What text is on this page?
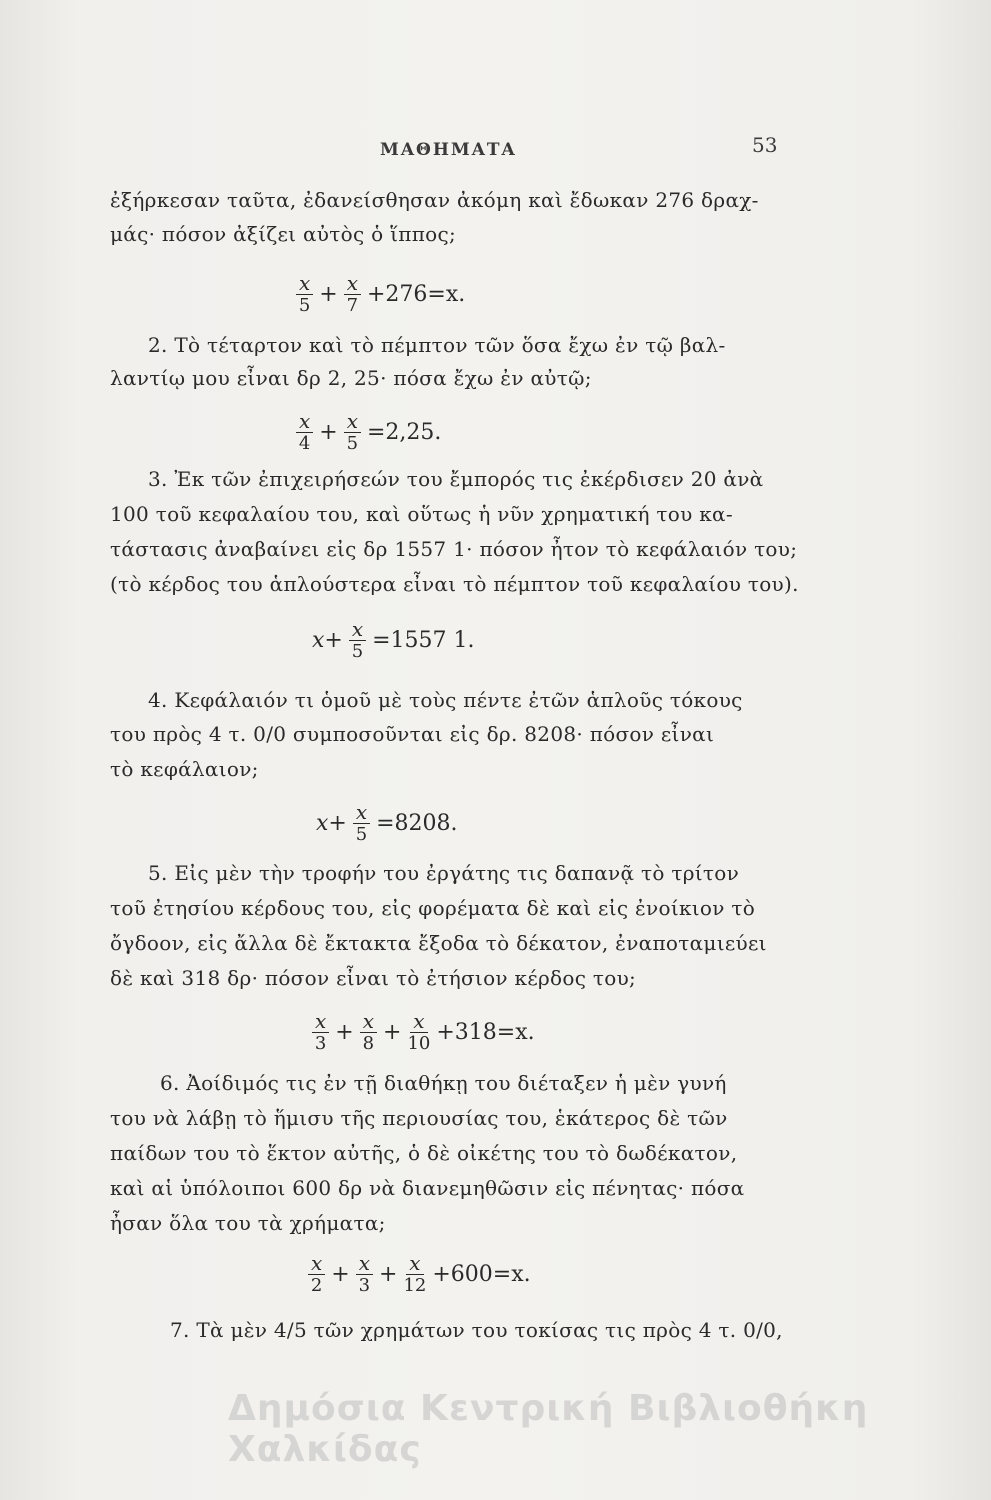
ΜΑΘΗΜΑΤΑ	53
ἐξήρκεσαν ταῦτα, ἐδανείσθησαν ἀκόμη καὶ ἔδωκαν 276 δραχ-
μάς· πόσον ἀξίζει αὐτὸς ὁ ἵππος;
$\frac{x}{5} + \frac{x}{7} +276=x$.
2. Τὸ τέταρτον καὶ τὸ πέμπτον τῶν ὅσα ἔχω ἐν τῷ βαλ-
λαντίῳ μου εἶναι δρ 2, 25· πόσα ἔχω ἐν αὐτῷ;
$\frac{x}{4} + \frac{x}{5} =2,25$.
3. Ἐκ τῶν ἐπιχειρήσεών του ἔμπορός τις ἐκέρδισεν 20 ἀνὰ
100 τοῦ κεφαλαίου του, καὶ οὕτως ἡ νῦν χρηματική του κα-
τάστασις ἀναβαίνει εἰς δρ 1557 1· πόσον ἦτον τὸ κεφάλαιόν του;
(τὸ κέρδος του ἁπλούστερα εἶναι τὸ πέμπτον τοῦ κεφαλαίου του).
$x+ \frac{x}{5} =1557$ 1.
4. Κεφάλαιόν τι ὁμοῦ μὲ τοὺς πέντε ἐτῶν ἁπλοῦς τόκους
του πρὸς 4 τ. 0/0 συμποσοῦνται εἰς δρ. 8208· πόσον εἶναι
τὸ κεφάλαιον;
$x+ \frac{x}{5} =8208$.
5. Εἰς μὲν τὴν τροφήν του ἐργάτης τις δαπανᾷ τὸ τρίτον
τοῦ ἐτησίου κέρδους του, εἰς φορέματα δὲ καὶ εἰς ἐνοίκιον τὸ
ὄγδοον, εἰς ἄλλα δὲ ἔκτακτα ἔξοδα τὸ δέκατον, ἐναποταμιεύει
δὲ καὶ 318 δρ· πόσον εἶναι τὸ ἐτήσιον κέρδος του;
$\frac{x}{3} + \frac{x}{8} + \frac{x}{10} +318=x$.
6. Ἀοίδιμός τις ἐν τῇ διαθήκῃ του διέταξεν ἡ μὲν γυνή
του νὰ λάβῃ τὸ ἥμισυ τῆς περιουσίας του, ἑκάτερος δὲ τῶν
παίδων του τὸ ἕκτον αὐτῆς, ὁ δὲ οἰκέτης του τὸ δωδέκατον,
καὶ αἱ ὑπόλοιποι 600 δρ νὰ διανεμηθῶσιν εἰς πένητας· πόσα
ἦσαν ὅλα του τὰ χρήματα;
$\frac{x}{2} + \frac{x}{3} + \frac{x}{12} +600=x$.
7. Τὰ μὲν 4/5 τῶν χρημάτων του τοκίσας τις πρὸς 4 τ. 0/0,
Δημόσια Κεντρική Βιβλιοθήκη Χαλκίδας
